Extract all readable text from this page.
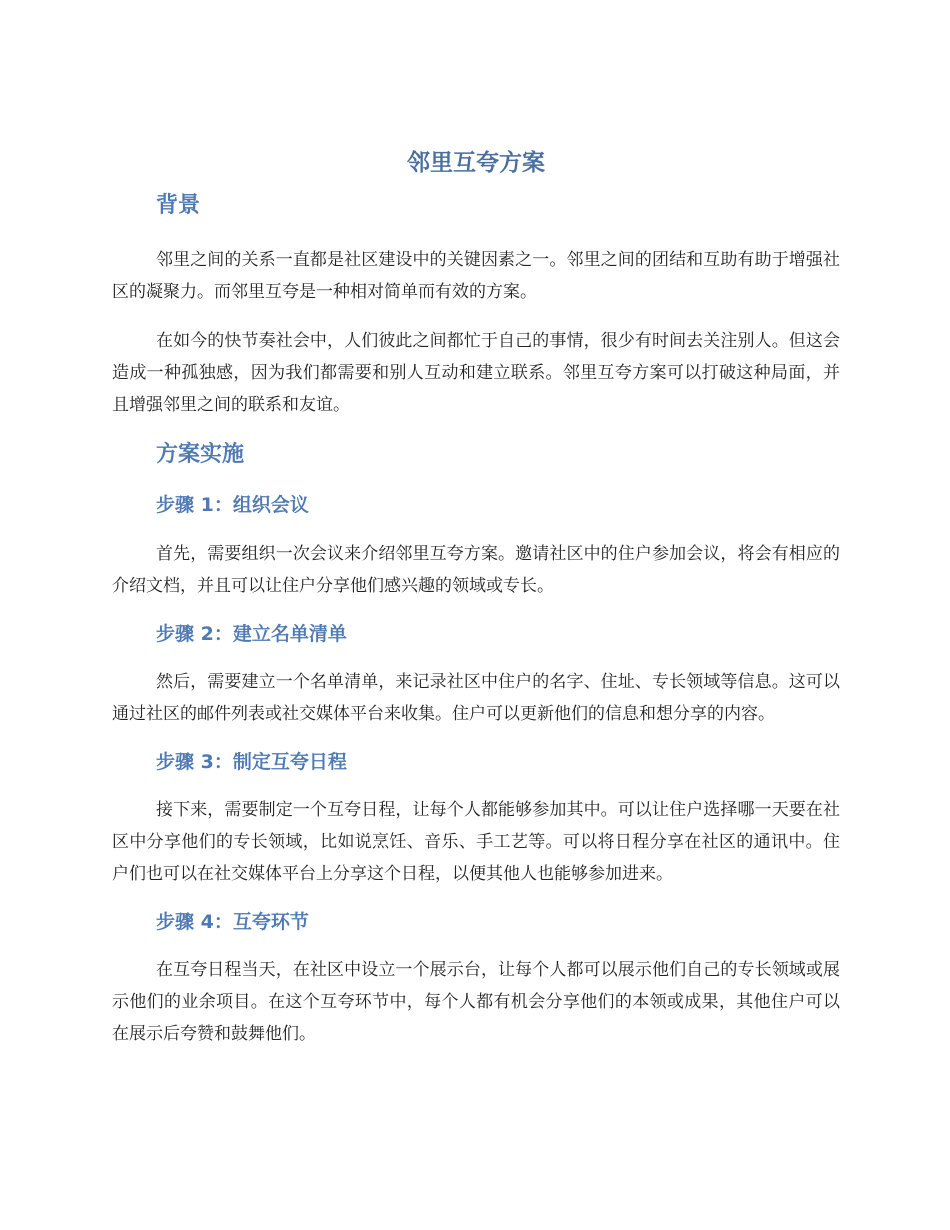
邻里互夸方案
背景

邻里之间的关系一直都是社区建设中的关键因素之一。邻里之间的团结和互助有助于增强社区的凝聚力。而邻里互夸是一种相对简单而有效的方案。

在如今的快节奏社会中，人们彼此之间都忙于自己的事情，很少有时间去关注别人。但这会造成一种孤独感，因为我们都需要和别人互动和建立联系。邻里互夸方案可以打破这种局面，并且增强邻里之间的联系和友谊。

方案实施
步骤 1：组织会议

首先，需要组织一次会议来介绍邻里互夸方案。邀请社区中的住户参加会议，将会有相应的介绍文档，并且可以让住户分享他们感兴趣的领域或专长。

步骤 2：建立名单清单

然后，需要建立一个名单清单，来记录社区中住户的名字、住址、专长领域等信息。这可以通过社区的邮件列表或社交媒体平台来收集。住户可以更新他们的信息和想分享的内容。

步骤 3：制定互夸日程

接下来，需要制定一个互夸日程，让每个人都能够参加其中。可以让住户选择哪一天要在社区中分享他们的专长领域，比如说烹饪、音乐、手工艺等。可以将日程分享在社区的通讯中。住户们也可以在社交媒体平台上分享这个日程，以便其他人也能够参加进来。

步骤 4：互夸环节

在互夸日程当天，在社区中设立一个展示台，让每个人都可以展示他们自己的专长领域或展示他们的业余项目。在这个互夸环节中，每个人都有机会分享他们的本领或成果，其他住户可以在展示后夸赞和鼓舞他们。
